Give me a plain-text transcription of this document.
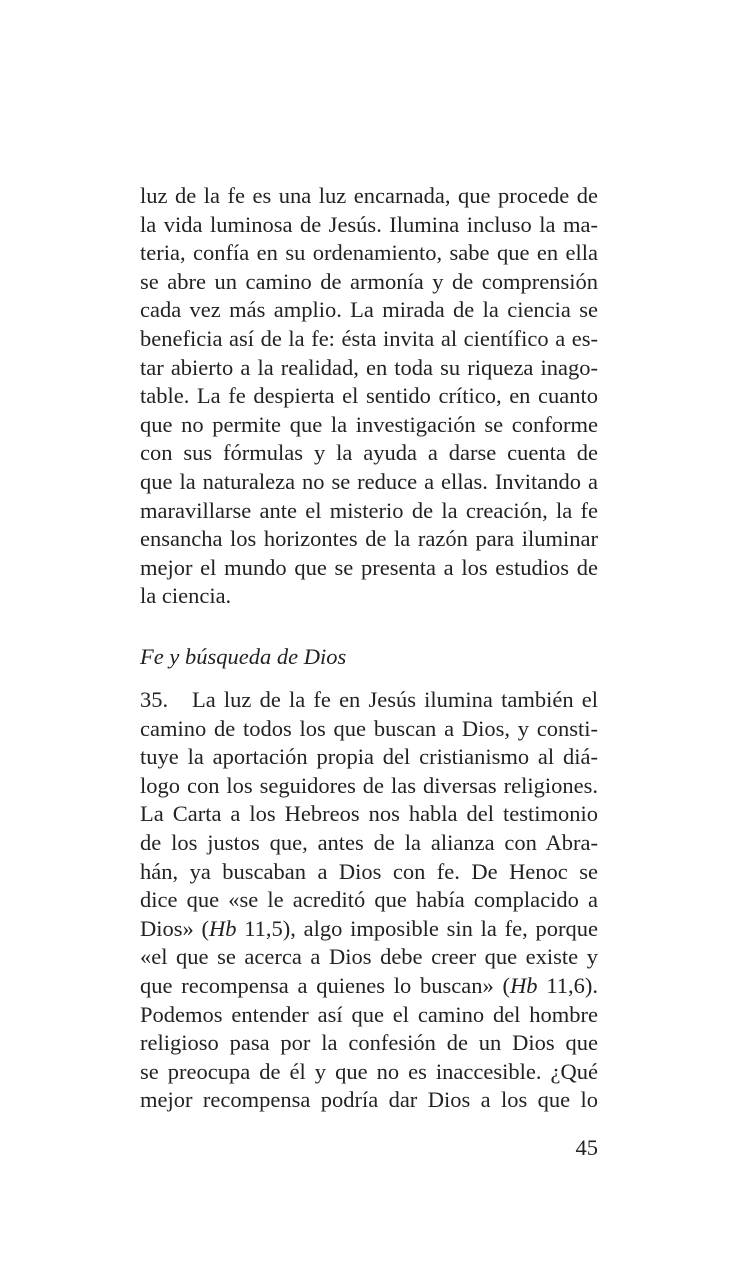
luz de la fe es una luz encarnada, que procede de
la vida luminosa de Jesús. Ilumina incluso la ma-
teria, confía en su ordenamiento, sabe que en ella
se abre un camino de armonía y de comprensión
cada vez más amplio. La mirada de la ciencia se
beneficia así de la fe: ésta invita al científico a es-
tar abierto a la realidad, en toda su riqueza inago-
table. La fe despierta el sentido crítico, en cuanto
que no permite que la investigación se conforme
con sus fórmulas y la ayuda a darse cuenta de
que la naturaleza no se reduce a ellas. Invitando a
maravillarse ante el misterio de la creación, la fe
ensancha los horizontes de la razón para iluminar
mejor el mundo que se presenta a los estudios de
la ciencia.
Fe y búsqueda de Dios
35. La luz de la fe en Jesús ilumina también el
camino de todos los que buscan a Dios, y consti-
tuye la aportación propia del cristianismo al diá-
logo con los seguidores de las diversas religiones.
La Carta a los Hebreos nos habla del testimonio
de los justos que, antes de la alianza con Abra-
hán, ya buscaban a Dios con fe. De Henoc se
dice que «se le acreditó que había complacido a
Dios» (Hb 11,5), algo imposible sin la fe, porque
«el que se acerca a Dios debe creer que existe y
que recompensa a quienes lo buscan» (Hb 11,6).
Podemos entender así que el camino del hombre
religioso pasa por la confesión de un Dios que
se preocupa de él y que no es inaccesible. ¿Qué
mejor recompensa podría dar Dios a los que lo
45
